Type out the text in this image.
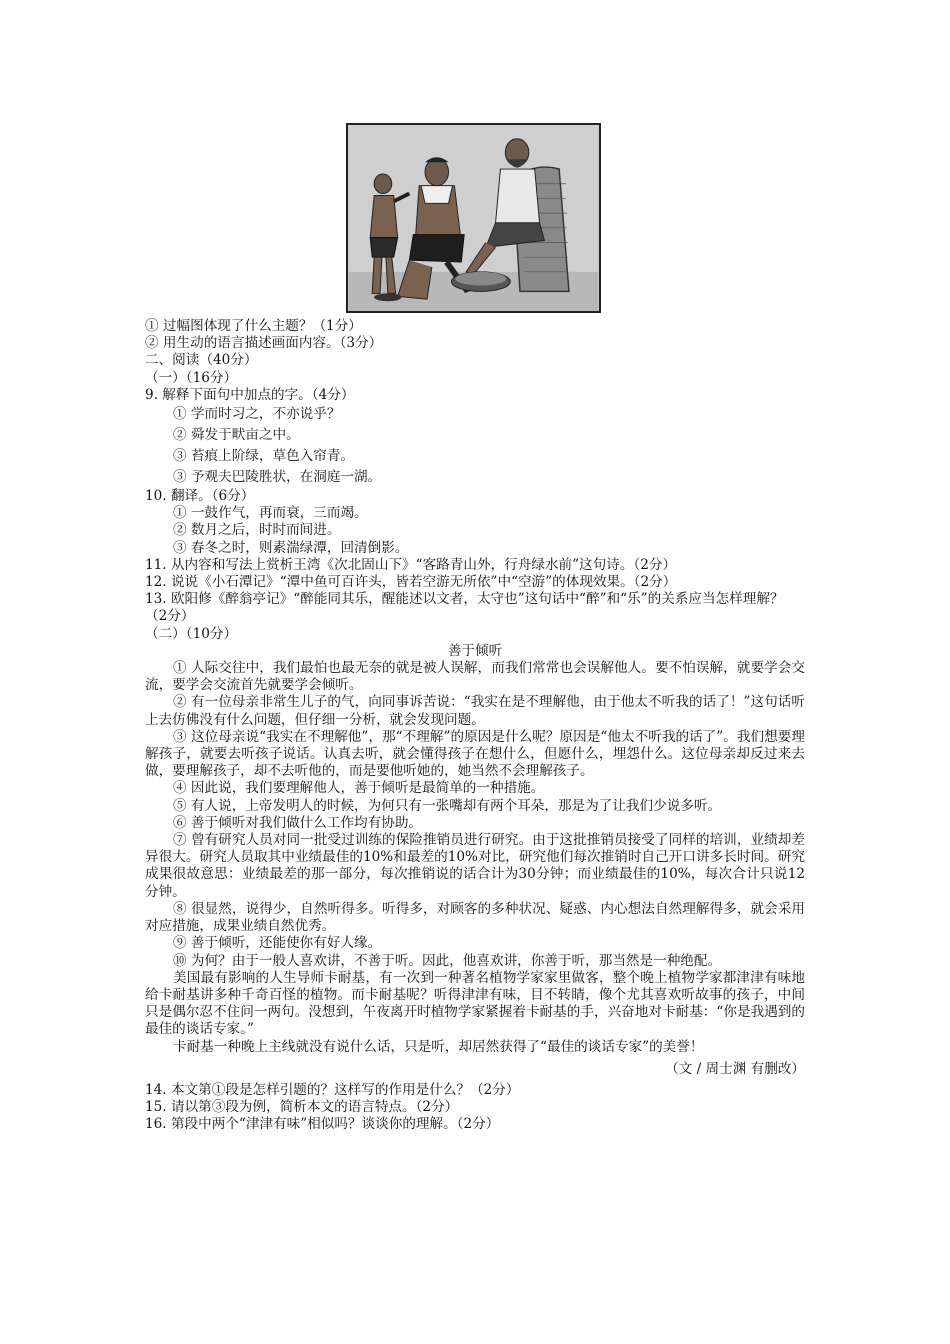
① 过幅图体现了什么主题？（1分）
② 用生动的语言描述画面内容。（3分）
二、阅读（40分）
（一）（16分）
9. 解释下面句中加点的字。（4分）
① 学而时习之，不亦说乎？
② 舜发于畎亩之中。
③ 苔痕上阶绿，草色入帘青。
③ 予观夫巴陵胜状，在洞庭一湖。
10. 翻译。（6分）
① 一鼓作气，再而衰，三而竭。
② 数月之后，时时而间进。
③ 春冬之时，则素湍绿潭，回清倒影。
11. 从内容和写法上赏析王湾《次北固山下》“客路青山外，行舟绿水前”这句诗。（2分）
12. 说说《小石潭记》“潭中鱼可百许头，皆若空游无所依”中“空游”的体现效果。（2分）
13. 欧阳修《醉翁亭记》“醉能同其乐，醒能述以文者，太守也”这句话中“醉”和“乐”的关系应当怎样理解？（2分）
（二）（10分）
善于倾听
① 人际交往中，我们最怕也最无奈的就是被人误解，而我们常常也会误解他人。要不怕误解，就要学会交流，要学会交流首先就要学会倾听。
② 有一位母亲非常生儿子的气，向同事诉苦说：“我实在是不理解他，由于他太不听我的话了！”这句话听上去仿佛没有什么问题，但仔细一分析，就会发现问题。
③ 这位母亲说“我实在不理解他”，那“不理解”的原因是什么呢？原因是“他太不听我的话了”。我们想要理解孩子，就要去听孩子说话。认真去听，就会懂得孩子在想什么，但愿什么，埋怨什么。这位母亲却反过来去做，要理解孩子，却不去听他的，而是要他听她的，她当然不会理解孩子。
④ 因此说，我们要理解他人，善于倾听是最简单的一种措施。
⑤ 有人说，上帝发明人的时候，为何只有一张嘴却有两个耳朵，那是为了让我们少说多听。
⑥ 善于倾听对我们做什么工作均有协助。
⑦ 曾有研究人员对同一批受过训练的保险推销员进行研究。由于这批推销员接受了同样的培训，业绩却差异很大。研究人员取其中业绩最佳的10%和最差的10%对比，研究他们每次推销时自己开口讲多长时间。研究成果很故意思：业绩最差的那一部分，每次推销说的话合计为30分钟；而业绩最佳的10%，每次合计只说12分钟。
⑧ 很显然，说得少，自然听得多。听得多，对顾客的多种状况、疑惑、内心想法自然理解得多，就会采用对应措施，成果业绩自然优秀。
⑨ 善于倾听，还能使你有好人缘。
⑩ 为何？由于一般人喜欢讲，不善于听。因此，他喜欢讲，你善于听，那当然是一种绝配。
美国最有影响的人生导师卡耐基，有一次到一种著名植物学家家里做客，整个晚上植物学家都津津有味地给卡耐基讲多种千奇百怪的植物。而卡耐基呢？听得津津有味，目不转睛，像个尤其喜欢听故事的孩子，中间只是偶尔忍不住问一两句。没想到，午夜离开时植物学家紧握着卡耐基的手，兴奋地对卡耐基：“你是我遇到的最佳的谈话专家。”
卡耐基一种晚上主线就没有说什么话，只是听，却居然获得了“最佳的谈话专家”的美誉！
（文 / 周士渊 有删改）
14. 本文第①段是怎样引题的？这样写的作用是什么？（2分）
15. 请以第③段为例，简析本文的语言特点。（2分）
16. 第段中两个“津津有味”相似吗？谈谈你的理解。（2分）
